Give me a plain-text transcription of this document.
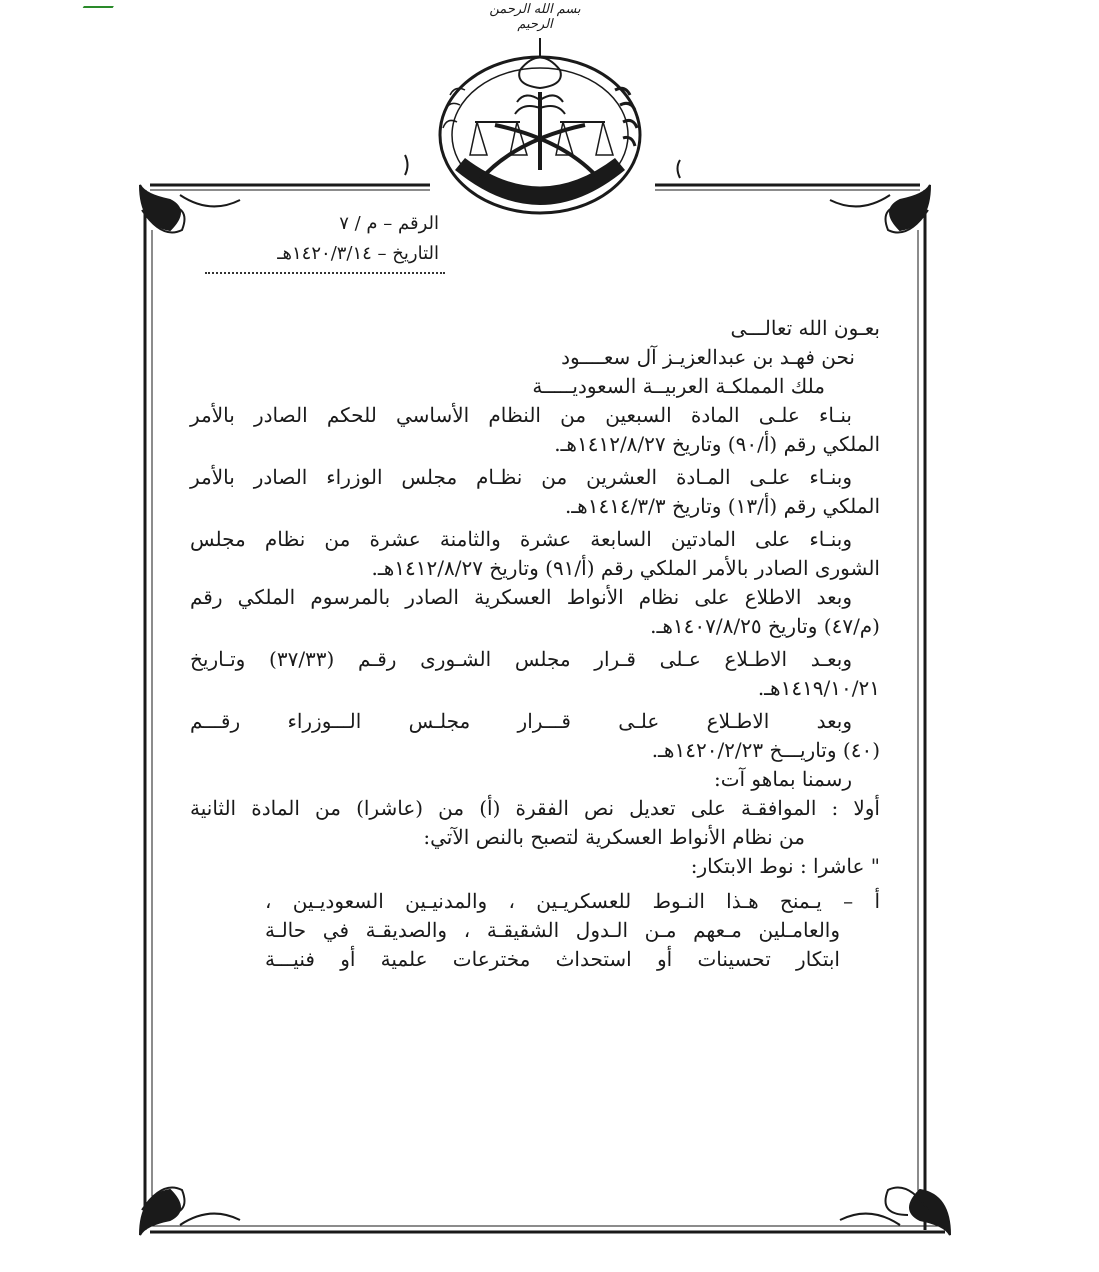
بسم الله الرحمن الرحيم
الرقم – م / ٧
التاريخ – ١٤٢٠/٣/١٤هـ

بعـون الله تعالـــى

نحن فهـد بن عبدالعزيـز آل سعــــود

ملك المملكـة العربيــة السعوديـــــة

بنـاء علـى المادة السبعين من النظام الأساسي للحكم الصادر بالأمر

الملكي رقم (أ/٩٠) وتاريخ ١٤١٢/٨/٢٧هـ.

وبنـاء علـى المـادة العشرين من نظـام مجلس الوزراء الصادر بالأمر

الملكي رقم (أ/١٣) وتاريخ ١٤١٤/٣/٣هـ.

وبنـاء على المادتين السابعة عشرة والثامنة عشرة من نظام مجلس

الشورى الصادر بالأمر الملكي رقم (أ/٩١) وتاريخ ١٤١٢/٨/٢٧هـ.

وبعد الاطلاع على نظام الأنواط العسكرية الصادر بالمرسوم الملكي رقم

(م/٤٧) وتاريخ ١٤٠٧/٨/٢٥هـ.

وبعـد الاطـلاع عـلى قـرار مجلس الشـورى رقـم (٣٧/٣٣) وتـاريخ

١٤١٩/١٠/٢١هـ.

وبعد الاطـلاع علـى قـــرار مجلـس الـــوزراء رقـــم

(٤٠) وتاريـــخ ١٤٢٠/٢/٢٣هـ.

رسمنا بماهو آت:

أولا : الموافقـة على تعديل نص الفقرة (أ) من (عاشرا) من المادة الثانية

من نظام الأنواط العسكرية لتصبح بالنص الآتي:

" عاشرا : نوط الابتكار:

أ – يـمنح هـذا النـوط للعسكريـين ، والمدنيـين السعوديـين ،

والعامـلين مـعهم مـن الـدول الشقيقـة ، والصديقـة في حالـة

ابتكار تحسينات أو استحداث مخترعات علمية أو فنيـــة
